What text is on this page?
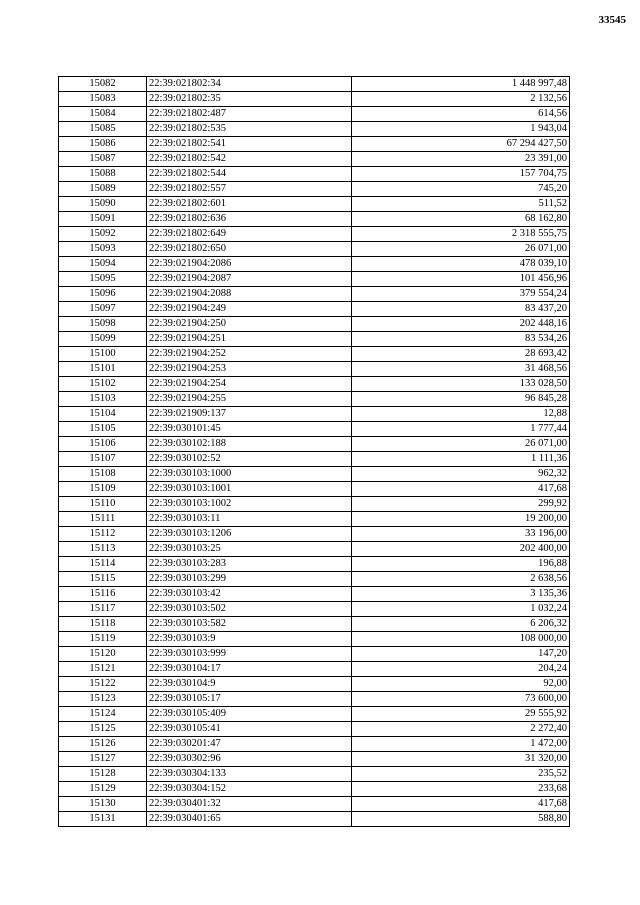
33545
15082	22:39:021802:34	1 448 997,48
15083	22:39:021802:35	2 132,56
15084	22:39:021802:487	614,56
15085	22:39:021802:535	1 943,04
15086	22:39:021802:541	67 294 427,50
15087	22:39:021802:542	23 391,00
15088	22:39:021802:544	157 704,75
15089	22:39:021802:557	745,20
15090	22:39:021802:601	511,52
15091	22:39:021802:636	68 162,80
15092	22:39:021802:649	2 318 555,75
15093	22:39:021802:650	26 071,00
15094	22:39:021904:2086	478 039,10
15095	22:39:021904:2087	101 456,96
15096	22:39:021904:2088	379 554,24
15097	22:39:021904:249	83 437,20
15098	22:39:021904:250	202 448,16
15099	22:39:021904:251	83 534,26
15100	22:39:021904:252	28 693,42
15101	22:39:021904:253	31 468,56
15102	22:39:021904:254	133 028,50
15103	22:39:021904:255	96 845,28
15104	22:39:021909:137	12,88
15105	22:39:030101:45	1 777,44
15106	22:39:030102:188	26 071,00
15107	22:39:030102:52	1 111,36
15108	22:39:030103:1000	962,32
15109	22:39:030103:1001	417,68
15110	22:39:030103:1002	299,92
15111	22:39:030103:11	19 200,00
15112	22:39:030103:1206	33 196,00
15113	22:39:030103:25	202 400,00
15114	22:39:030103:283	196,88
15115	22:39:030103:299	2 638,56
15116	22:39:030103:42	3 135,36
15117	22:39:030103:502	1 032,24
15118	22:39:030103:582	6 206,32
15119	22:39:030103:9	108 000,00
15120	22:39:030103:999	147,20
15121	22:39:030104:17	204,24
15122	22:39:030104:9	92,00
15123	22:39:030105:17	73 600,00
15124	22:39:030105:409	29 555,92
15125	22:39:030105:41	2 272,40
15126	22:39:030201:47	1 472,00
15127	22:39:030302:96	31 320,00
15128	22:39:030304:133	235,52
15129	22:39:030304:152	233,68
15130	22:39:030401:32	417,68
15131	22:39:030401:65	588,80
